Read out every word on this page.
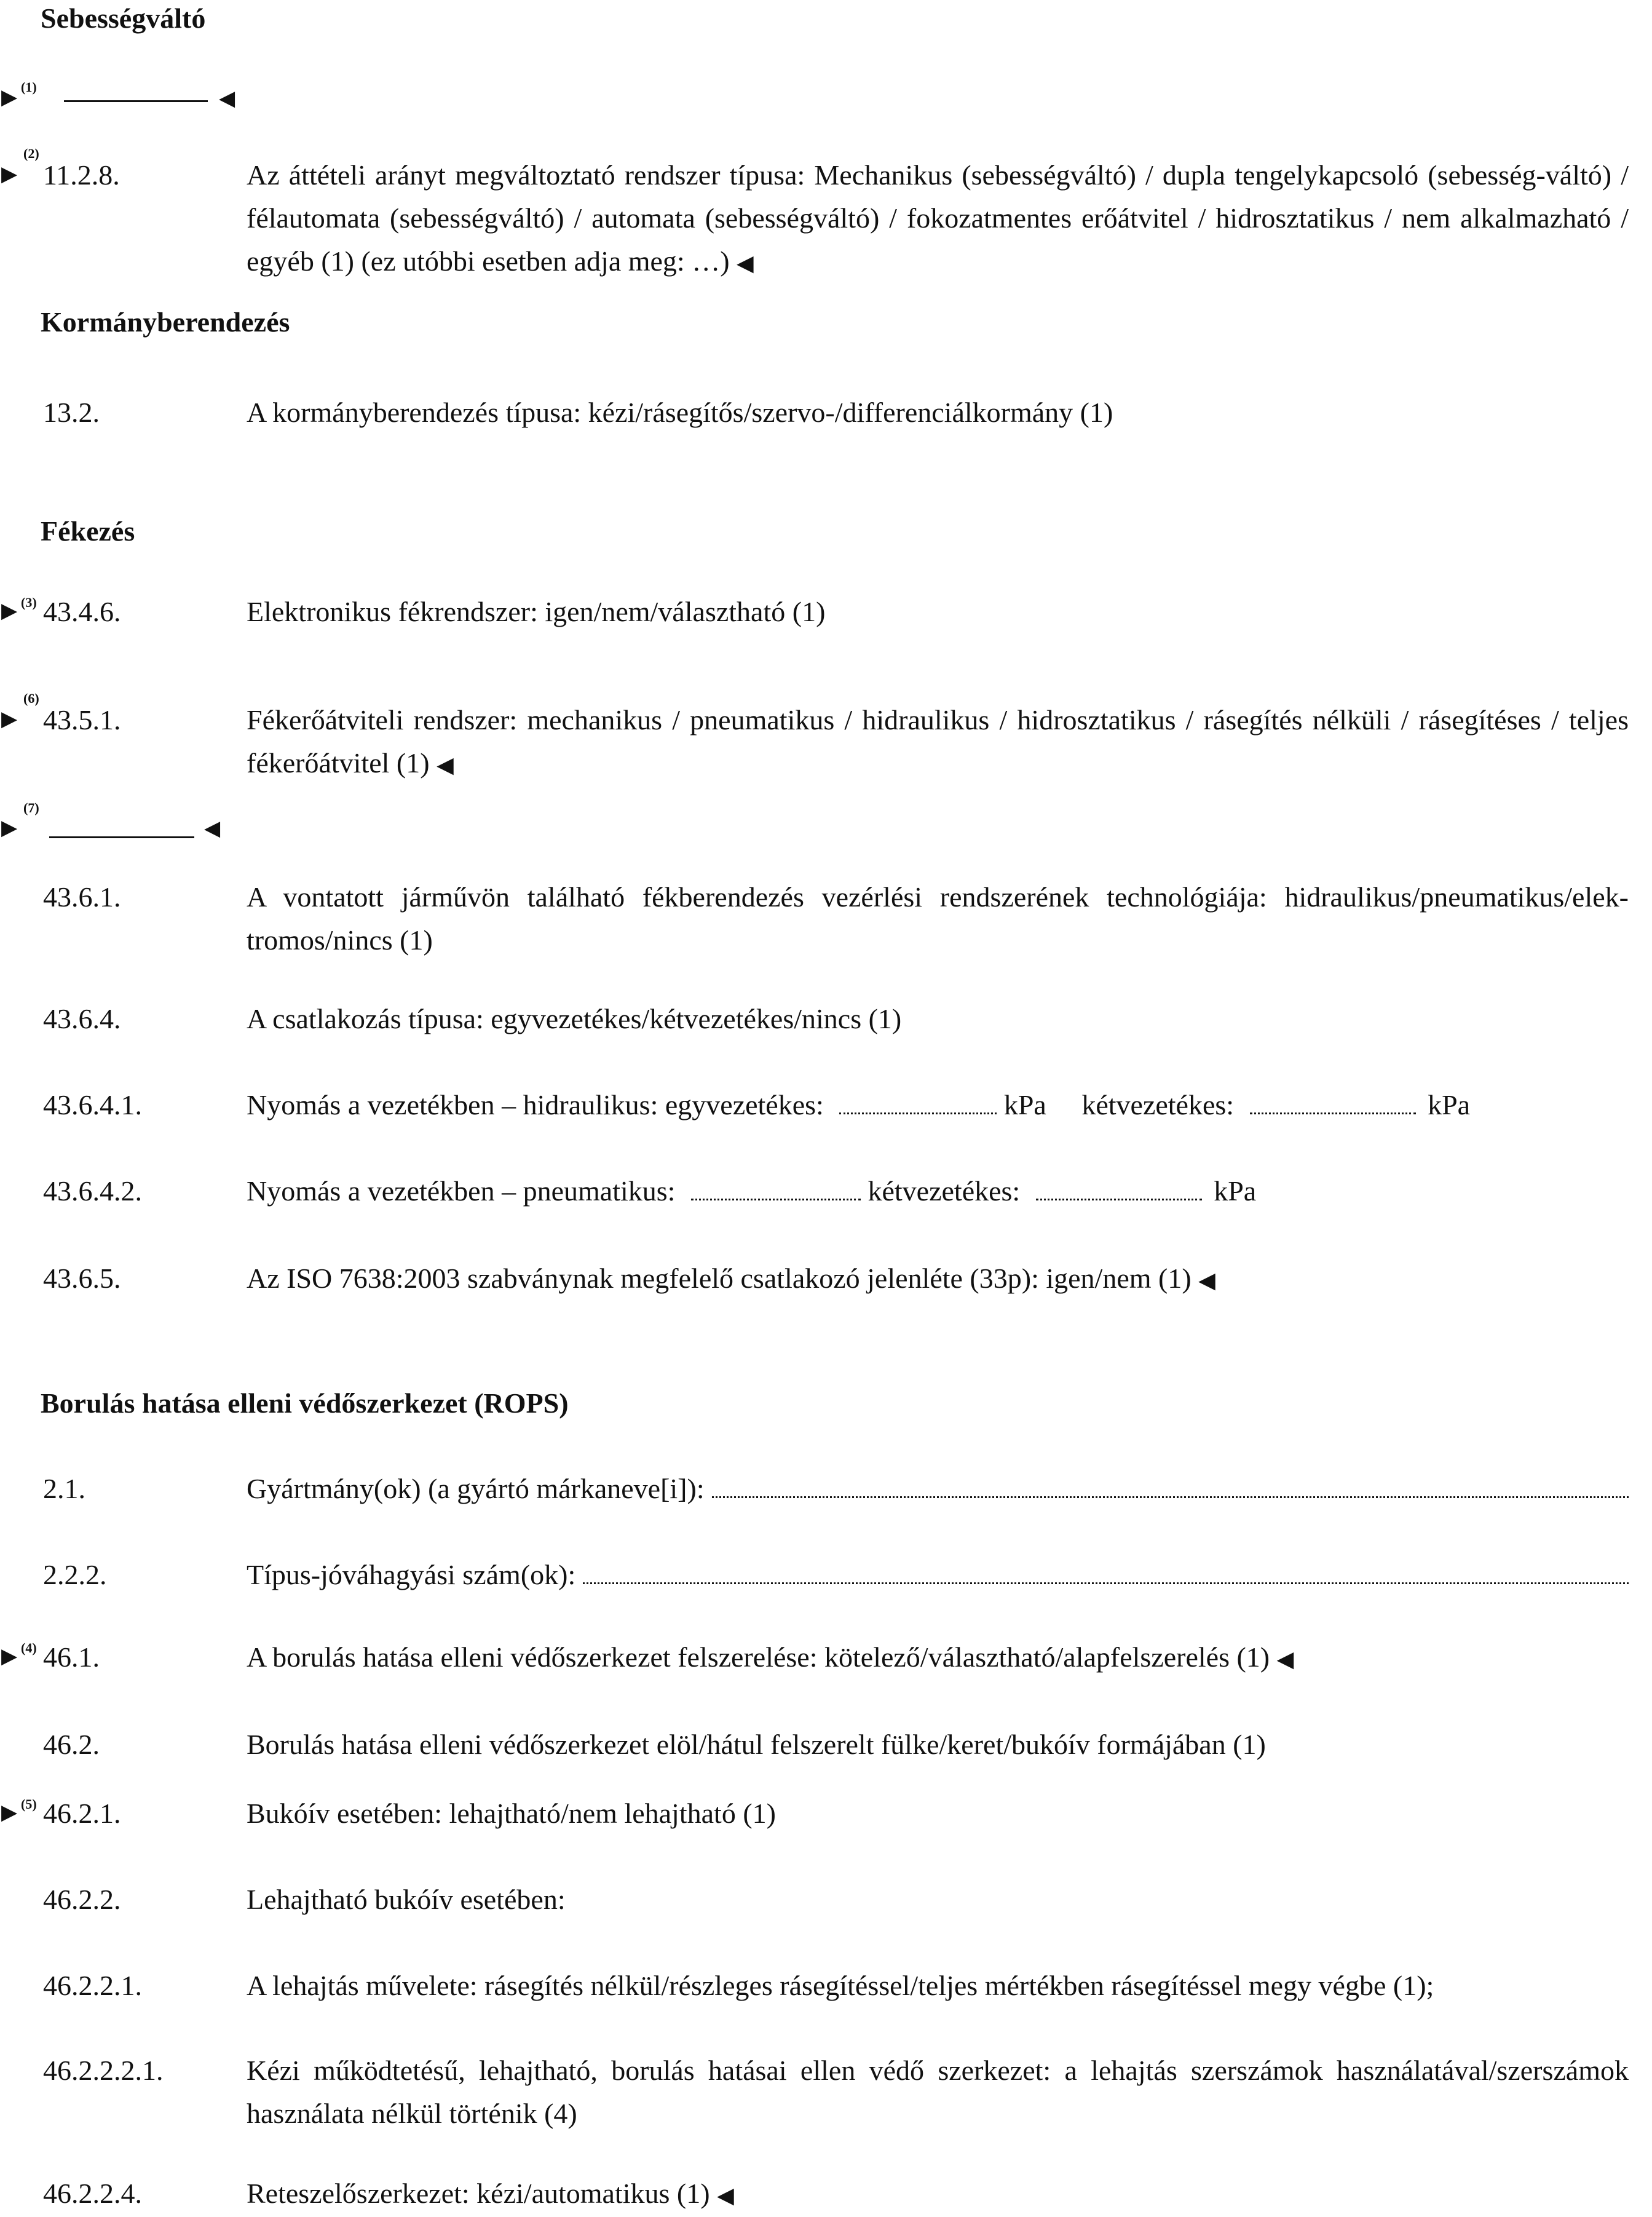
Sebességváltó
▶ (1)
◀
▶
(2)
11.2.8.	Az áttételi arányt megváltoztató rendszer típusa: Mechanikus (sebességváltó) / dupla tengelykapcsoló (sebesség-váltó) / félautomata (sebességváltó) / automata (sebességváltó) / fokozatmentes erőátvitel / hidrosztatikus / nem alkalmazható / egyéb (1) (ez utóbbi esetben adja meg: …) ◀
Kormányberendezés
13.2.	A kormányberendezés típusa: kézi/rásegítős/szervo-/differenciálkormány (1)
Fékezés
▶ (3) 43.4.6.	Elektronikus fékrendszer: igen/nem/választható (1)
▶
(6)
43.5.1.	Fékerőátviteli rendszer: mechanikus / pneumatikus / hidraulikus / hidrosztatikus / rásegítés nélküli / rásegítéses / teljes fékerőátvitel (1) ◀
▶
(7)
◀
43.6.1.	A vontatott járművön található fékberendezés vezérlési rendszerének technológiája: hidraulikus/pneumatikus/elek-tromos/nincs (1)
43.6.4.	A csatlakozás típusa: egyvezetékes/kétvezetékes/nincs (1)
43.6.4.1.	Nyomás a vezetékben – hidraulikus: egyvezetékes:	kPa kétvezetékes:	kPa
43.6.4.2.	Nyomás a vezetékben – pneumatikus:	kétvezetékes:	kPa
43.6.5.	Az ISO 7638:2003 szabványnak megfelelő csatlakozó jelenléte (33p): igen/nem (1) ◀
Borulás hatása elleni védőszerkezet (ROPS)
2.1.	Gyártmány(ok) (a gyártó márkaneve[i]):
2.2.2.	Típus-jóváhagyási szám(ok):
▶ (4) 46.1.	A borulás hatása elleni védőszerkezet felszerelése: kötelező/választható/alapfelszerelés (1) ◀
46.2.	Borulás hatása elleni védőszerkezet elöl/hátul felszerelt fülke/keret/bukóív formájában (1)
▶ (5) 46.2.1.	Bukóív esetében: lehajtható/nem lehajtható (1)
46.2.2.	Lehajtható bukóív esetében:
46.2.2.1.	A lehajtás művelete: rásegítés nélkül/részleges rásegítéssel/teljes mértékben rásegítéssel megy végbe (1);
46.2.2.2.1.	Kézi működtetésű, lehajtható, borulás hatásai ellen védő szerkezet: a lehajtás szerszámok használatával/szerszámok használata nélkül történik (4)
46.2.2.4.	Reteszelőszerkezet: kézi/automatikus (1) ◀
